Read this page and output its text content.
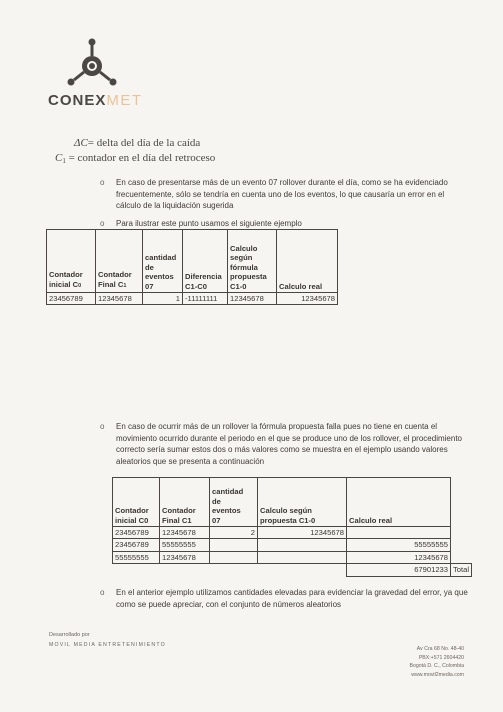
CONEXMET
ΔC= delta del día de la caída
$C_1$ = contador en el día del retroceso
o En caso de presentarse más de un evento 07 rollover durante el día, como se ha evidenciado frecuentemente, sólo se tendría en cuenta uno de los eventos, lo que causaría un error en el cálculo de la liquidación sugerida
o Para ilustrar este punto usamos el siguiente ejemplo
Contador
inicial C0	Contador
Final C1	cantidad
de
eventos
07	Diferencia
C1-C0	Calculo
según
fórmula
propuesta
C1-0	Calculo real
23456789	12345678	1	-11111111	12345678	12345678
o En caso de ocurrir más de un rollover la fórmula propuesta falla pues no tiene en cuenta el movimiento ocurrido durante el periodo en el que se produce uno de los rollover, el procedimiento correcto sería sumar estos dos o más valores como se muestra en el ejemplo usando valores aleatorios que se presenta a continuación
Contador
inicial C0	Contador
Final C1	cantidad
de
eventos
07	Calculo según
propuesta C1-0	Calculo real	
23456789	12345678	2	12345678		
23456789	55555555			55555555	
55555555	12345678			12345678	
				67901233	Total
o En el anterior ejemplo utilizamos cantidades elevadas para evidenciar la gravedad del error, ya que como se puede apreciar, con el conjunto de números aleatorios
Desarrollado por
MOVIL MEDIA ENTRETENIMIENTO
Av Cra 68 No. 48-40
PBX:+571 2604420
Bogotá D. C., Colombia
www.movil2media.com
